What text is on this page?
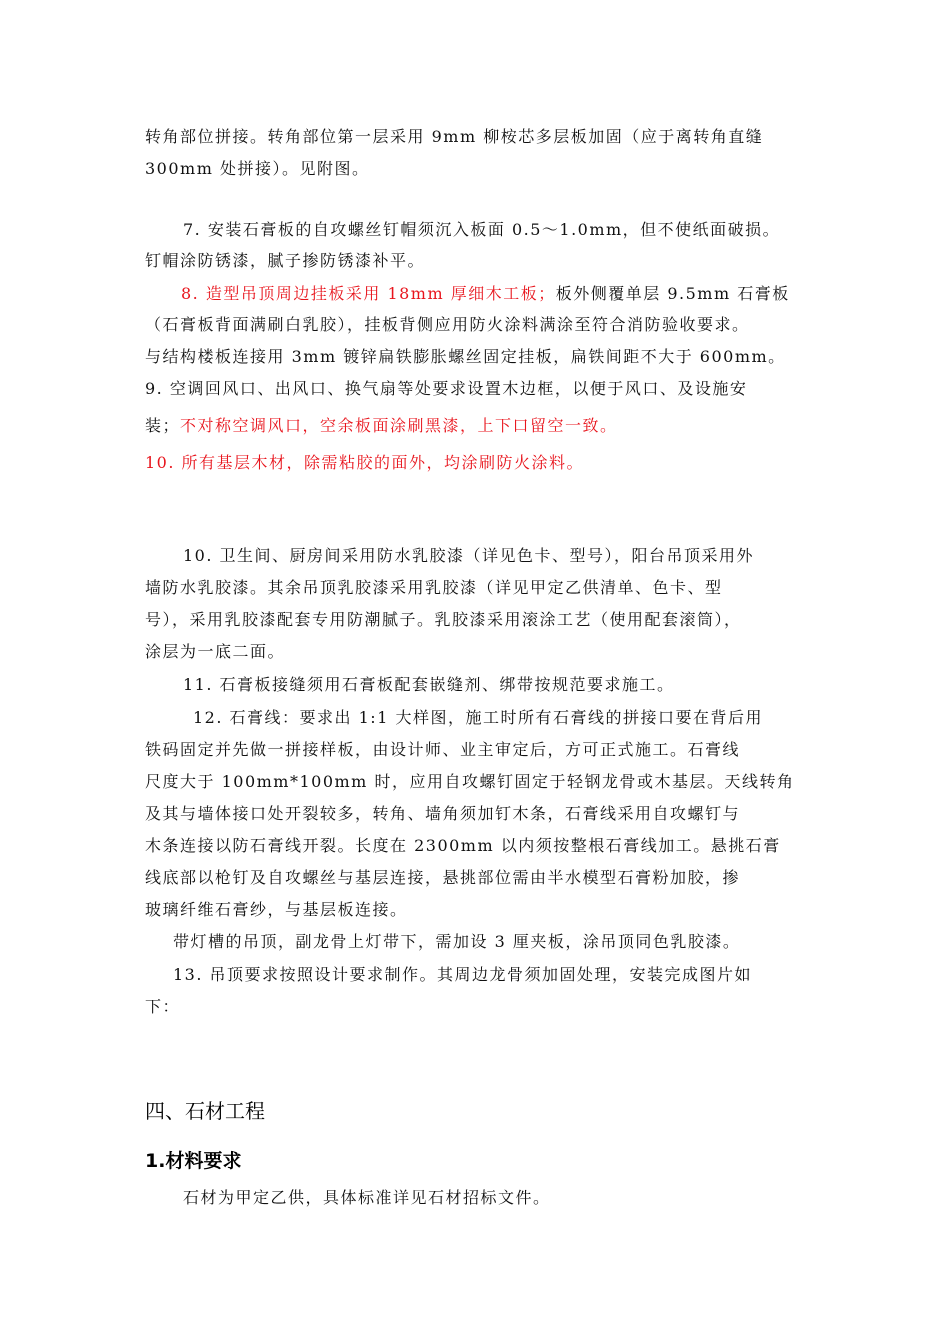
转角部位拼接。转角部位第一层采用 9mm 柳桉芯多层板加固（应于离转角直缝
300mm 处拼接）。见附图。
7. 安装石膏板的自攻螺丝钉帽须沉入板面 0.5～1.0mm，但不使纸面破损。
钉帽涂防锈漆，腻子掺防锈漆补平。
8. 造型吊顶周边挂板采用 18mm 厚细木工板；板外侧覆单层 9.5mm 石膏板
（石膏板背面满刷白乳胶），挂板背侧应用防火涂料满涂至符合消防验收要求。
与结构楼板连接用 3mm 镀锌扁铁膨胀螺丝固定挂板，扁铁间距不大于 600mm。
9. 空调回风口、出风口、换气扇等处要求设置木边框，以便于风口、及设施安
装；不对称空调风口，空余板面涂刷黑漆，上下口留空一致。
10. 所有基层木材，除需粘胶的面外，均涂刷防火涂料。
10. 卫生间、厨房间采用防水乳胶漆（详见色卡、型号），阳台吊顶采用外
墙防水乳胶漆。其余吊顶乳胶漆采用乳胶漆（详见甲定乙供清单、色卡、型
号），采用乳胶漆配套专用防潮腻子。乳胶漆采用滚涂工艺（使用配套滚筒），
涂层为一底二面。
11. 石膏板接缝须用石膏板配套嵌缝剂、绑带按规范要求施工。
12. 石膏线：要求出 1:1 大样图，施工时所有石膏线的拼接口要在背后用
铁码固定并先做一拼接样板，由设计师、业主审定后，方可正式施工。石膏线
尺度大于 100mm*100mm 时，应用自攻螺钉固定于轻钢龙骨或木基层。天线转角
及其与墙体接口处开裂较多，转角、墙角须加钉木条，石膏线采用自攻螺钉与
木条连接以防石膏线开裂。长度在 2300mm 以内须按整根石膏线加工。悬挑石膏
线底部以枪钉及自攻螺丝与基层连接，悬挑部位需由半水模型石膏粉加胶，掺
玻璃纤维石膏纱，与基层板连接。
带灯槽的吊顶，副龙骨上灯带下，需加设 3 厘夹板，涂吊顶同色乳胶漆。
13. 吊顶要求按照设计要求制作。其周边龙骨须加固处理，安装完成图片如
下：
四、石材工程
1.材料要求
石材为甲定乙供，具体标准详见石材招标文件。
